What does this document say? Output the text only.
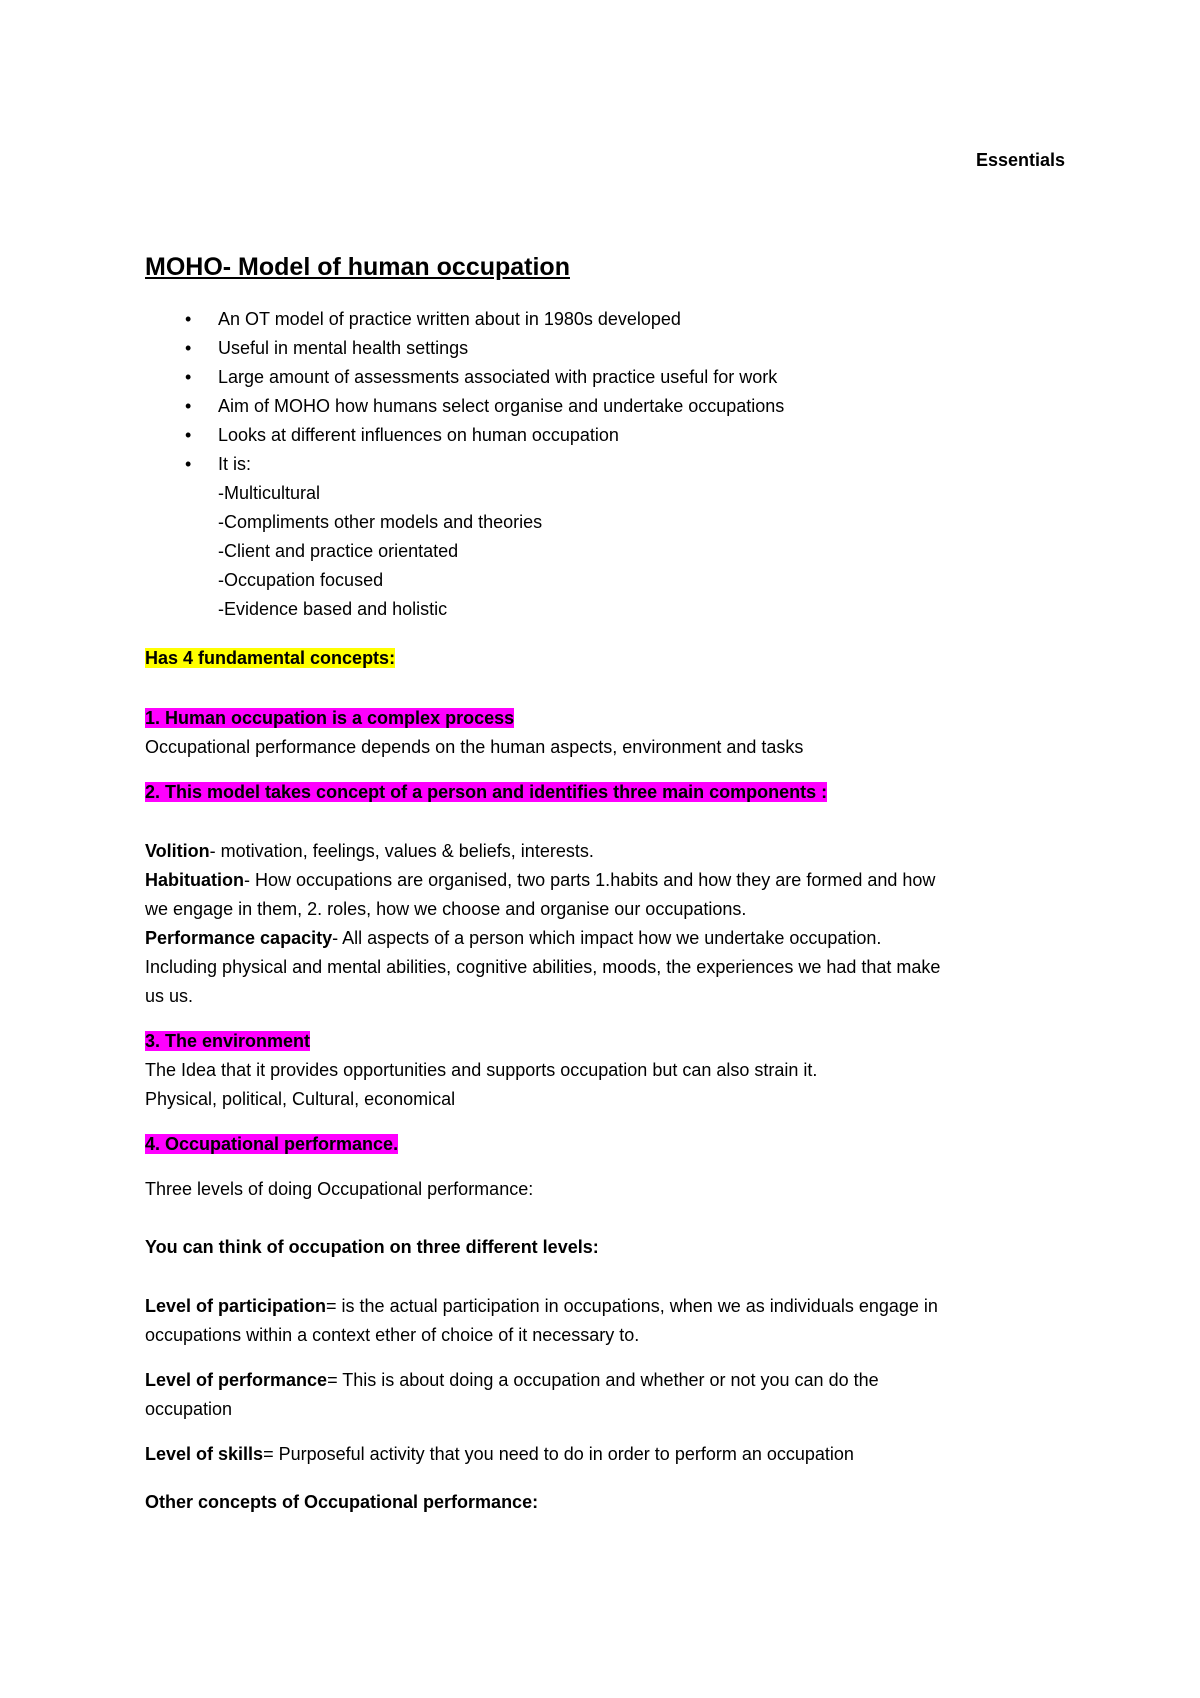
Essentials
MOHO- Model of human occupation
• An OT model of practice written about in 1980s developed
• Useful in mental health settings
• Large amount of assessments associated with practice useful for work
• Aim of MOHO how humans select organise and undertake occupations
• Looks at different influences on human occupation
• It is:
-Multicultural
-Compliments other models and theories
-Client and practice orientated
-Occupation focused
-Evidence based and holistic
Has 4 fundamental concepts:
1. Human occupation is a complex process
Occupational performance depends on the human aspects, environment and tasks
2. This model takes concept of a person and identifies three main components :
Volition- motivation, feelings, values & beliefs, interests.
Habituation- How occupations are organised, two parts 1.habits and how they are formed and how
we engage in them, 2. roles, how we choose and organise our occupations.
Performance capacity- All aspects of a person which impact how we undertake occupation.
Including physical and mental abilities, cognitive abilities, moods, the experiences we had that make
us us.
3. The environment
The Idea that it provides opportunities and supports occupation but can also strain it.
Physical, political, Cultural, economical
4. Occupational performance.
Three levels of doing Occupational performance:
You can think of occupation on three different levels:
Level of participation= is the actual participation in occupations, when we as individuals engage in
occupations within a context ether of choice of it necessary to.
Level of performance= This is about doing a occupation and whether or not you can do the
occupation
Level of skills= Purposeful activity that you need to do in order to perform an occupation
Other concepts of Occupational performance:
